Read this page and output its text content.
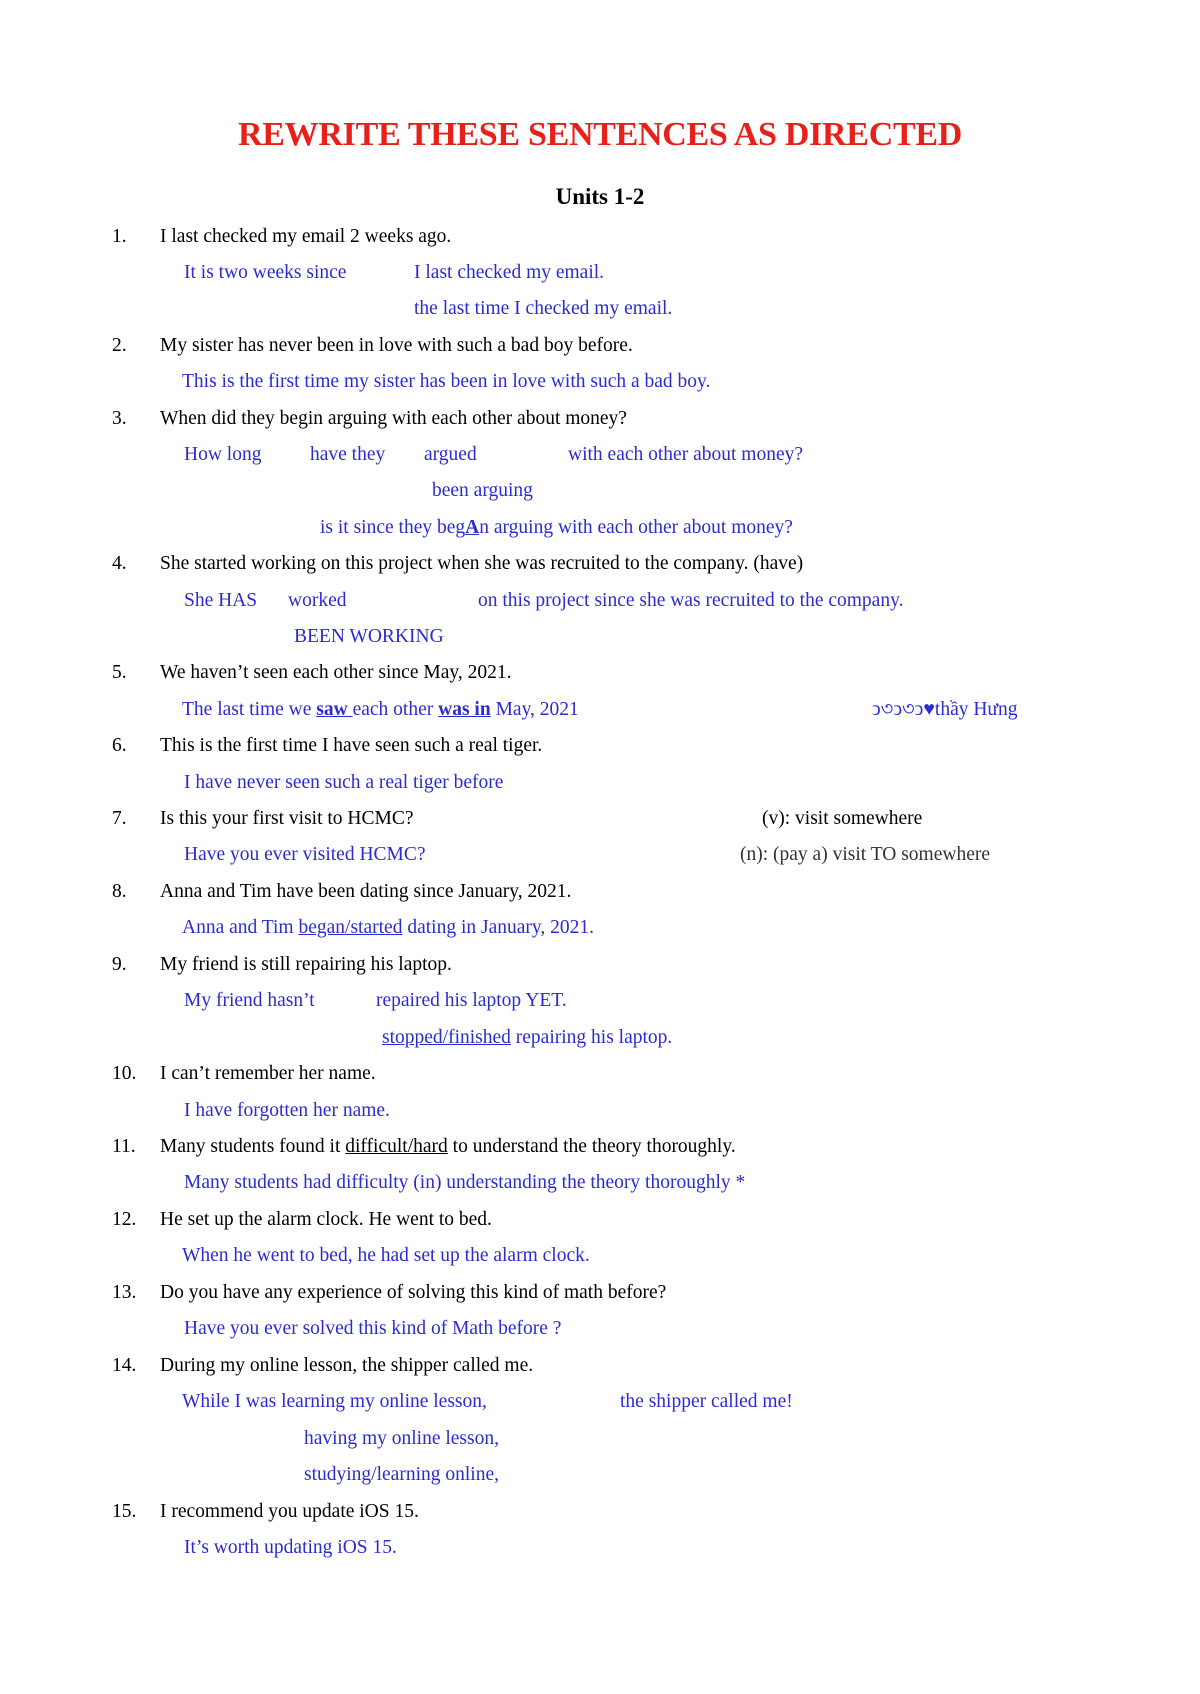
REWRITE THESE SENTENCES AS DIRECTED
Units 1-2
1. I last checked my email 2 weeks ago.
It is two weeks since	I last checked my email.
the last time I checked my email.
2. My sister has never been in love with such a bad boy before.
This is the first time my sister has been in love with such a bad boy.
3. When did they begin arguing with each other about money?
How long have they argued	with each other about money?
been arguing
is it since they begAn arguing with each other about money?
4. She started working on this project when she was recruited to the company. (have)
She HAS worked	on this project since she was recruited to the company.
BEEN WORKING
5. We haven’t seen each other since May, 2021.
The last time we saw each other was in May, 2021	ↄ৩ↄ৩ↄ♥thầy Hưng
6. This is the first time I have seen such a real tiger.
I have never seen such a real tiger before
7. Is this your first visit to HCMC?	(v): visit somewhere
Have you ever visited HCMC?	(n): (pay a) visit TO somewhere
8. Anna and Tim have been dating since January, 2021.
Anna and Tim began/started dating in January, 2021.
9. My friend is still repairing his laptop.
My friend hasn’t	repaired his laptop YET.
stopped/finished repairing his laptop.
10. I can’t remember her name.
I have forgotten her name.
11. Many students found it difficult/hard to understand the theory thoroughly.
Many students had difficulty (in) understanding the theory thoroughly *
12. He set up the alarm clock. He went to bed.
When he went to bed, he had set up the alarm clock.
13. Do you have any experience of solving this kind of math before?
Have you ever solved this kind of Math before ?
14. During my online lesson, the shipper called me.
While I was learning my online lesson,	the shipper called me!
having my online lesson,
studying/learning online,
15. I recommend you update iOS 15.
It’s worth updating iOS 15.
